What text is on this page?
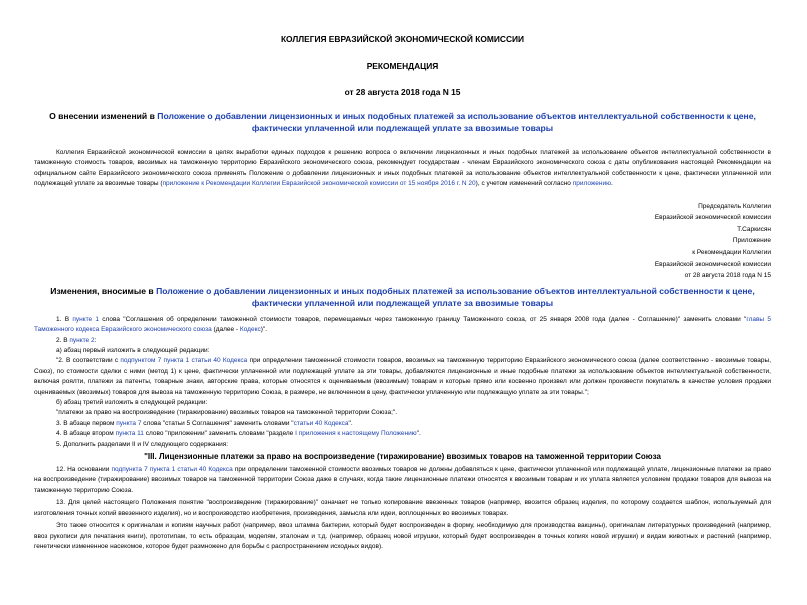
КОЛЛЕГИЯ ЕВРАЗИЙСКОЙ ЭКОНОМИЧЕСКОЙ КОМИССИИ
РЕКОМЕНДАЦИЯ
от 28 августа 2018 года N 15
О внесении изменений в Положение о добавлении лицензионных и иных подобных платежей за использование объектов интеллектуальной собственности к цене, фактически уплаченной или подлежащей уплате за ввозимые товары
Коллегия Евразийской экономической комиссии в целях выработки единых подходов к решению вопроса о включении лицензионных и иных подобных платежей за использование объектов интеллектуальной собственности в таможенную стоимость товаров, ввозимых на таможенную территорию Евразийского экономического союза, рекомендует государствам - членам Евразийского экономического союза с даты опубликования настоящей Рекомендации на официальном сайте Евразийского экономического союза применять Положение о добавлении лицензионных и иных подобных платежей за использование объектов интеллектуальной собственности к цене, фактически уплаченной или подлежащей уплате за ввозимые товары (приложение к Рекомендации Коллегии Евразийской экономической комиссии от 15 ноября 2016 г. N 20), с учетом изменений согласно приложению.
Председатель Коллегии
Евразийской экономической комиссии
Т.Саркисян
Приложение
к Рекомендации Коллегии
Евразийской экономической комиссии
от 28 августа 2018 года N 15
Изменения, вносимые в Положение о добавлении лицензионных и иных подобных платежей за использование объектов интеллектуальной собственности к цене, фактически уплаченной или подлежащей уплате за ввозимые товары
1. В пункте 1 слова "Соглашения об определении таможенной стоимости товаров, перемещаемых через таможенную границу Таможенного союза, от 25 января 2008 года (далее - Соглашение)" заменить словами "главы 5 Таможенного кодекса Евразийского экономического союза (далее - Кодекс)".
2. В пункте 2:
а) абзац первый изложить в следующей редакции:
"2. В соответствии с подпунктом 7 пункта 1 статьи 40 Кодекса при определении таможенной стоимости товаров, ввозимых на таможенную территорию Евразийского экономического союза (далее соответственно - ввозимые товары, Союз), по стоимости сделки с ними (метод 1) к цене, фактически уплаченной или подлежащей уплате за эти товары, добавляются лицензионные и иные подобные платежи за использование объектов интеллектуальной собственности, включая роялти, платежи за патенты, товарные знаки, авторские права, которые относятся к оцениваемым (ввозимым) товарам и которые прямо или косвенно произвел или должен произвести покупатель в качестве условия продажи оцениваемых (ввозимых) товаров для вывоза на таможенную территорию Союза, в размере, не включенном в цену, фактически уплаченную или подлежащую уплате за эти товары.";
б) абзац третий изложить в следующей редакции:
"платежи за право на воспроизведение (тиражирование) ввозимых товаров на таможенной территории Союза;".
3. В абзаце первом пункта 7 слова "статьи 5 Соглашения" заменить словами "статьи 40 Кодекса".
4. В абзаце втором пункта 11 слово "приложении" заменить словами "разделе I приложения к настоящему Положению".
5. Дополнить разделами II и IV следующего содержания:
"III. Лицензионные платежи за право на воспроизведение (тиражирование) ввозимых товаров на таможенной территории Союза
12. На основании подпункта 7 пункта 1 статьи 40 Кодекса при определении таможенной стоимости ввозимых товаров не должны добавляться к цене, фактически уплаченной или подлежащей уплате, лицензионные платежи за право на воспроизведение (тиражирование) ввозимых товаров на таможенной территории Союза даже в случаях, когда такие лицензионные платежи относятся к ввозимым товарам и их уплата является условием продажи товаров для вывоза на таможенную территорию Союза.
13. Для целей настоящего Положения понятие "воспроизведение (тиражирование)" означает не только копирование ввезенных товаров (например, ввозится образец изделия, по которому создается шаблон, используемый для изготовления точных копий ввезенного изделия), но и воспроизводство изобретения, произведения, замысла или идеи, воплощенных во ввозимых товарах.
Это также относится к оригиналам и копиям научных работ (например, ввоз штамма бактерии, который будет воспроизведен в форму, необходимую для производства вакцины), оригиналам литературных произведений (например, ввоз рукописи для печатания книги), прототипам, то есть образцам, моделям, эталонам и т.д. (например, образец новой игрушки, который будет воспроизведен в точных копиях новой игрушки) и видам животных и растений (например, генетически измененное насекомое, которое будет размножено для борьбы с распространением исходных видов).
